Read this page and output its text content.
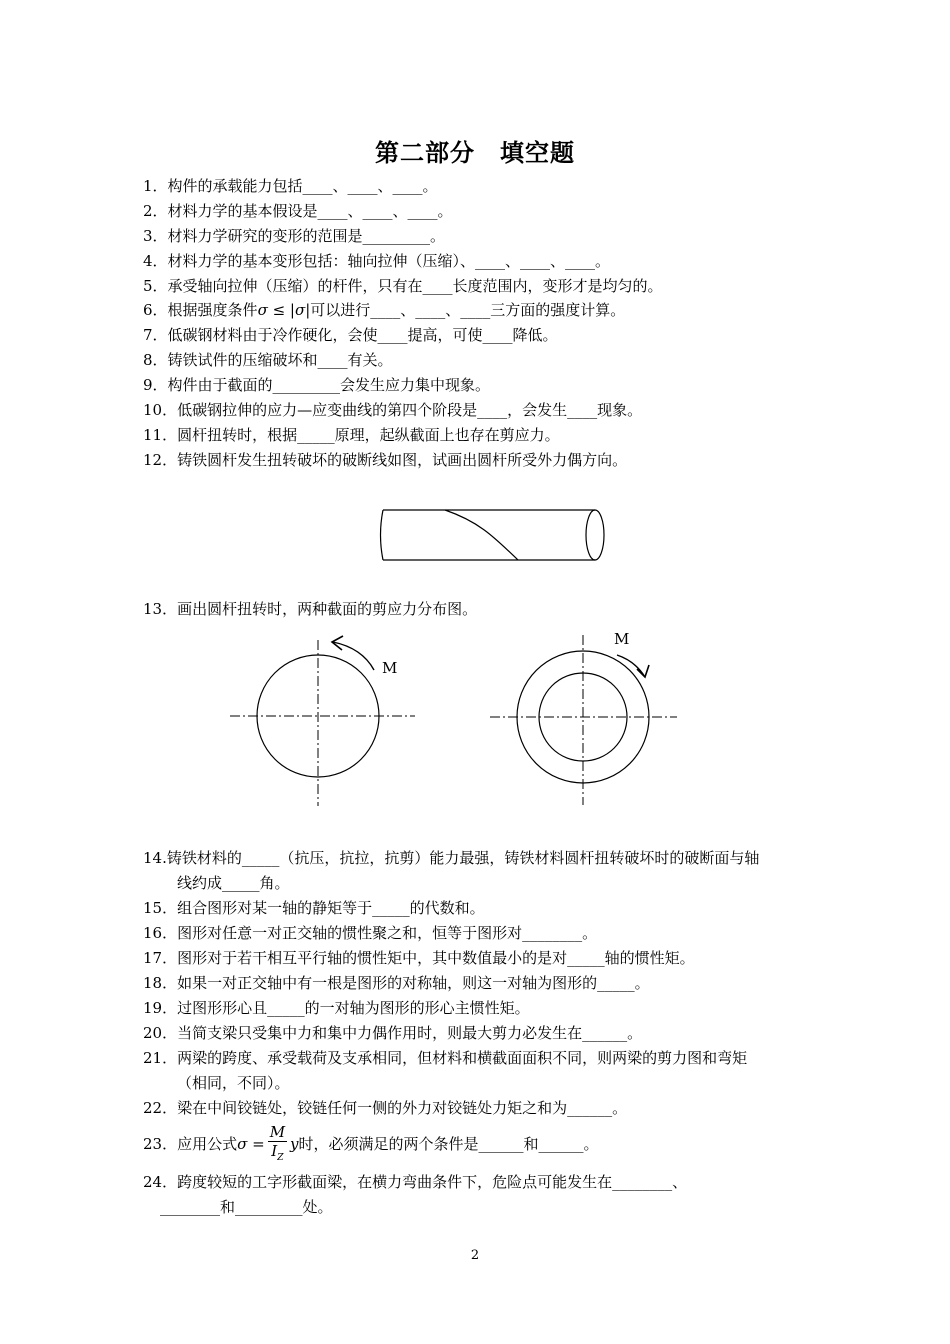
第二部分　填空题
1．构件的承载能力包括____、____、____。
2．材料力学的基本假设是____、____、____。
3．材料力学研究的变形的范围是_________。
4．材料力学的基本变形包括：轴向拉伸（压缩）、____、____、____。
5．承受轴向拉伸（压缩）的杆件，只有在____长度范围内，变形才是均匀的。
6．根据强度条件σ ≤ |σ|可以进行____、____、____三方面的强度计算。
7．低碳钢材料由于冷作硬化，会使____提高，可使____降低。
8．铸铁试件的压缩破坏和____有关。
9．构件由于截面的_________会发生应力集中现象。
10．低碳钢拉伸的应力—应变曲线的第四个阶段是____，会发生____现象。
11．圆杆扭转时，根据_____原理，起纵截面上也存在剪应力。
12．铸铁圆杆发生扭转破坏的破断线如图，试画出圆杆所受外力偶方向。
13．画出圆杆扭转时，两种截面的剪应力分布图。
M
M
14.铸铁材料的_____（抗压，抗拉，抗剪）能力最强，铸铁材料圆杆扭转破坏时的破断面与轴
线约成_____角。
15．组合图形对某一轴的静矩等于_____的代数和。
16．图形对任意一对正交轴的惯性聚之和，恒等于图形对________。
17．图形对于若干相互平行轴的惯性矩中，其中数值最小的是对_____轴的惯性矩。
18．如果一对正交轴中有一根是图形的对称轴，则这一对轴为图形的_____。
19．过图形形心且_____的一对轴为图形的形心主惯性矩。
20．当简支梁只受集中力和集中力偶作用时，则最大剪力必发生在______。
21．两梁的跨度、承受载荷及支承相同，但材料和横截面面积不同，则两梁的剪力图和弯矩
（相同，不同）。
22．梁在中间铰链处，铰链任何一侧的外力对铰链处力矩之和为______。
23．应用公式$\sigma = \frac{M}{I_Z}$ y时，必须满足的两个条件是______和______。
24．跨度较短的工字形截面梁，在横力弯曲条件下，危险点可能发生在________、
________和_________处。
2
